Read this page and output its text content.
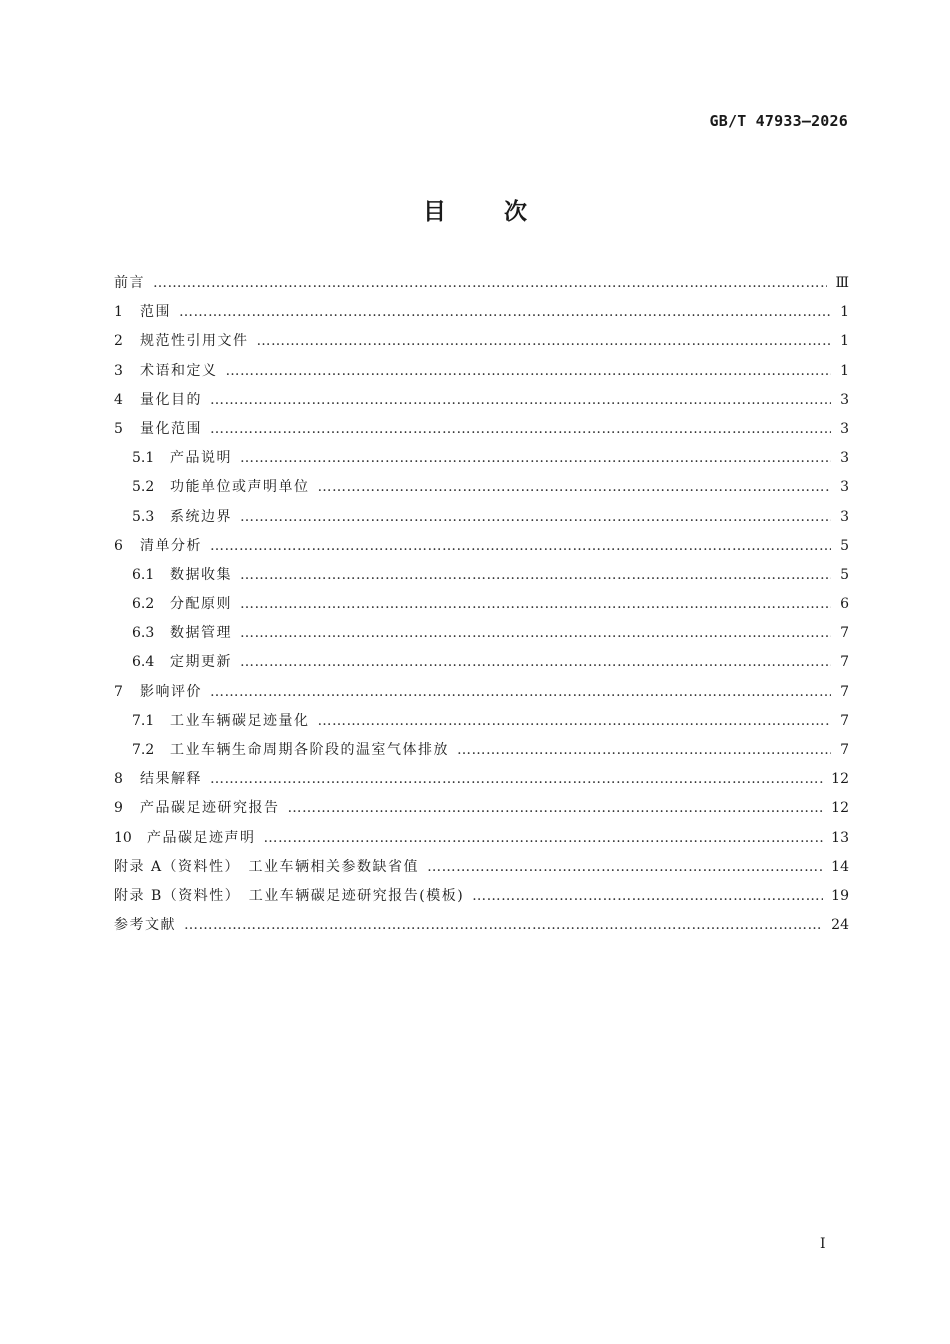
GB/T 47933—2026
目	次
前言 ………………………………………………………………………………………………………………………………………………………………………………………………………………	Ⅲ
1	范围 ………………………………………………………………………………………………………………………………………………………………………………………………………………	1
2	规范性引用文件 ………………………………………………………………………………………………………………………………………………………………………………………………………………	1
3	术语和定义 ………………………………………………………………………………………………………………………………………………………………………………………………………………	1
4	量化目的 ………………………………………………………………………………………………………………………………………………………………………………………………………………	3
5	量化范围 ………………………………………………………………………………………………………………………………………………………………………………………………………………	3
5.1	产品说明 ………………………………………………………………………………………………………………………………………………………………………………………………………………	3
5.2	功能单位或声明单位 ………………………………………………………………………………………………………………………………………………………………………………………………………………	3
5.3	系统边界 ………………………………………………………………………………………………………………………………………………………………………………………………………………	3
6	清单分析 ………………………………………………………………………………………………………………………………………………………………………………………………………………	5
6.1	数据收集 ………………………………………………………………………………………………………………………………………………………………………………………………………………	5
6.2	分配原则 ………………………………………………………………………………………………………………………………………………………………………………………………………………	6
6.3	数据管理 ………………………………………………………………………………………………………………………………………………………………………………………………………………	7
6.4	定期更新 ………………………………………………………………………………………………………………………………………………………………………………………………………………	7
7	影响评价 ………………………………………………………………………………………………………………………………………………………………………………………………………………	7
7.1	工业车辆碳足迹量化 ………………………………………………………………………………………………………………………………………………………………………………………………………………	7
7.2	工业车辆生命周期各阶段的温室气体排放 ………………………………………………………………………………………………………………………………………………………………………………………………………………	7
8	结果解释 ………………………………………………………………………………………………………………………………………………………………………………………………………………	12
9	产品碳足迹研究报告 ………………………………………………………………………………………………………………………………………………………………………………………………………………	12
10	产品碳足迹声明 ………………………………………………………………………………………………………………………………………………………………………………………………………………	13
附录 A（资料性）　工业车辆相关参数缺省值 ………………………………………………………………………………………………………………………………………………………………………………………………………………	14
附录 B（资料性）　工业车辆碳足迹研究报告(模板) ………………………………………………………………………………………………………………………………………………………………………………………………………………	19
参考文献 ………………………………………………………………………………………………………………………………………………………………………………………………………………	24
I
